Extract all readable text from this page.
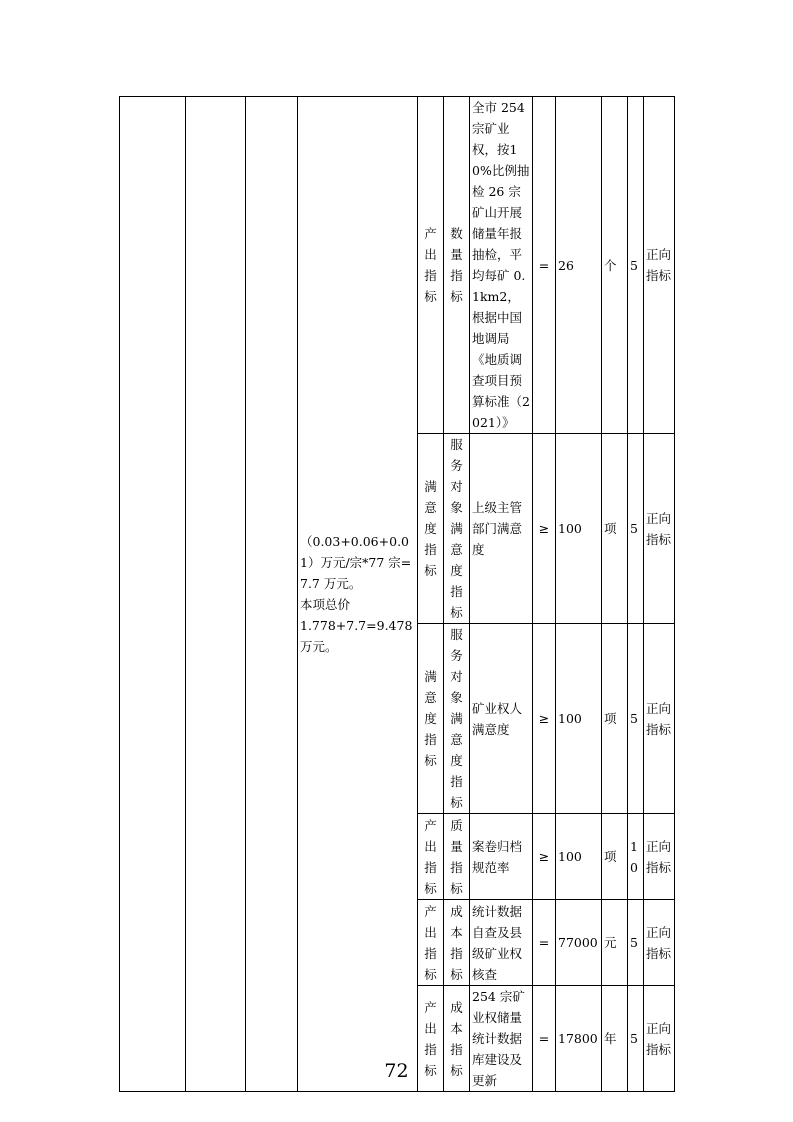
			（0.03+0.06+0.01）万元/宗*77 宗=7.7 万元。
本项总价
1.778+7.7=9.478 万元。	产出指标	数量指标	全市 254 宗矿业权，按10%比例抽检 26 宗矿山开展储量年报抽检，平均每矿 0.1km2，根据中国地调局《地质调查项目预算标准（2021）》	=	26	个	5	正向指标
				满意度指标	服务对象满意度指标	上级主管部门满意度	≥	100	项	5	正向指标
				满意度指标	服务对象满意度指标	矿业权人满意度	≥	100	项	5	正向指标
				产出指标	质量指标	案卷归档规范率	≥	100	项	10	正向指标
				产出指标	成本指标	统计数据自查及县级矿业权核查	=	77000	元	5	正向指标
				产出指标	成本指标	254 宗矿业权储量统计数据库建设及更新	=	17800	年	5	正向指标
72
